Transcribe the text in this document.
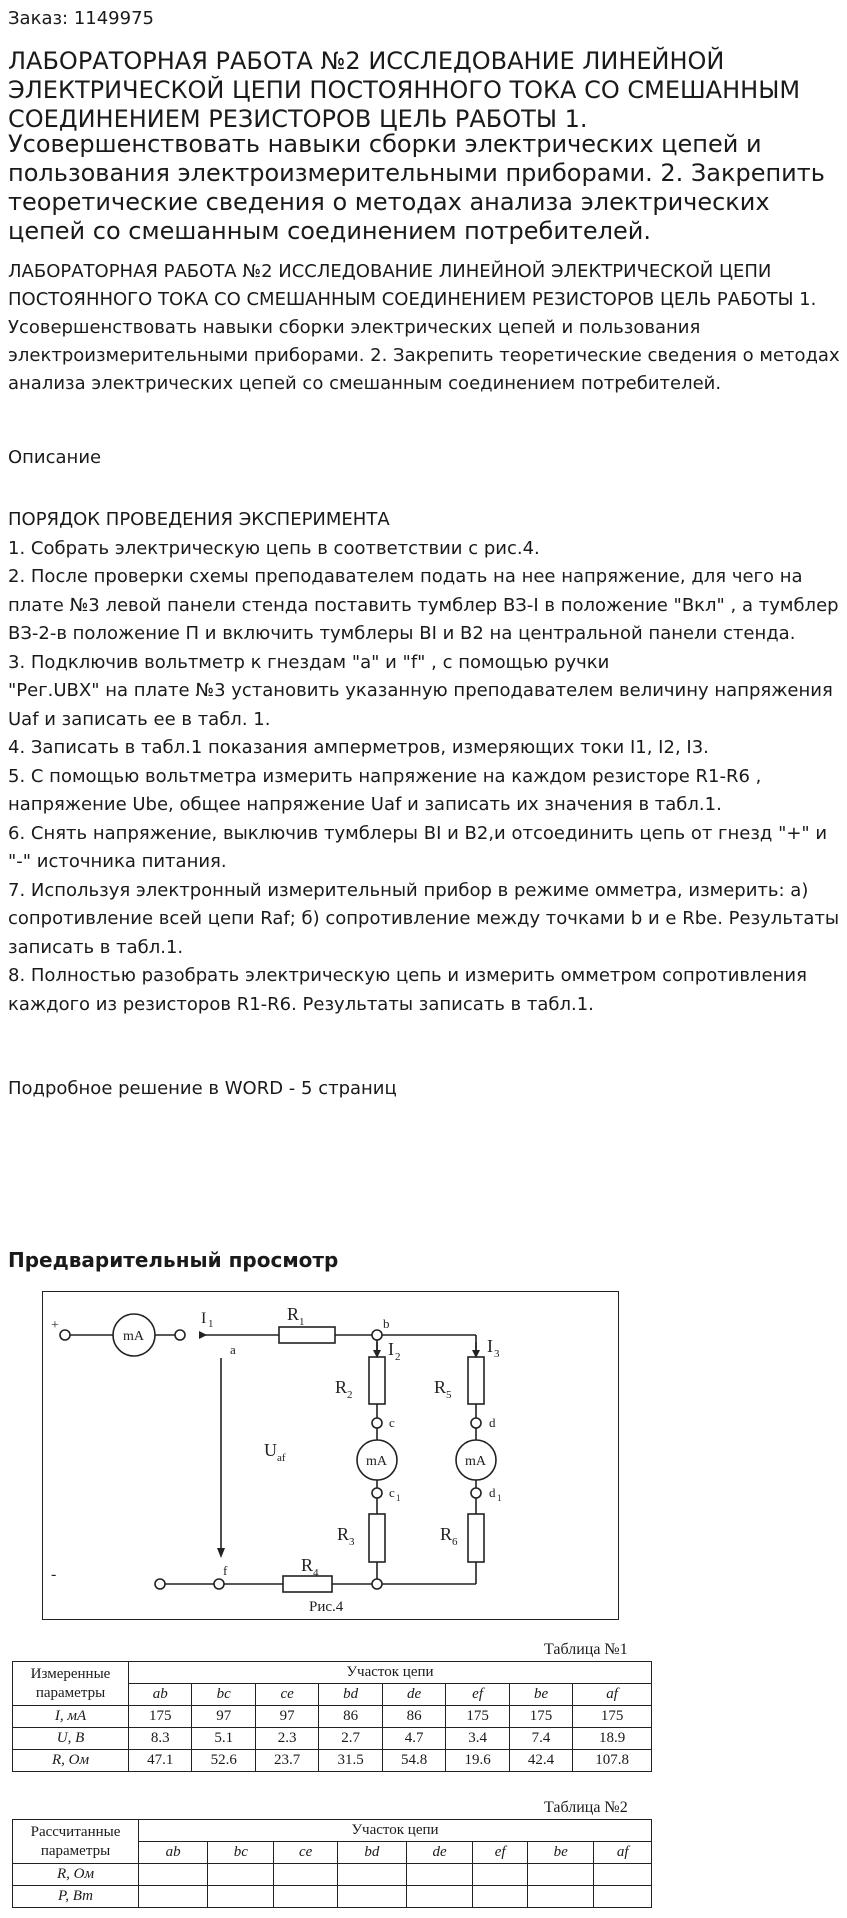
Заказ: 1149975
ЛАБОРАТОРНАЯ РАБОТА №2 ИССЛЕДОВАНИЕ ЛИНЕЙНОЙ ЭЛЕКТРИЧЕСКОЙ ЦЕПИ ПОСТОЯННОГО ТОКА СО СМЕШАННЫМ СОЕДИНЕНИЕМ РЕЗИСТОРОВ ЦЕЛЬ РАБОТЫ 1.
Усовершенствовать навыки сборки электрических цепей и пользования электроизмерительными приборами. 2. Закрепить теоретические сведения о методах анализа электрических цепей со смешанным соединением потребителей.
ЛАБОРАТОРНАЯ РАБОТА №2 ИССЛЕДОВАНИЕ ЛИНЕЙНОЙ ЭЛЕКТРИЧЕСКОЙ ЦЕПИ ПОСТОЯННОГО ТОКА СО СМЕШАННЫМ СОЕДИНЕНИЕМ РЕЗИСТОРОВ ЦЕЛЬ РАБОТЫ 1. Усовершенствовать навыки сборки электрических цепей и пользования электроизмерительными приборами. 2. Закрепить теоретические сведения о методах анализа электрических цепей со смешанным соединением потребителей.
Описание
ПОРЯДОК ПРОВЕДЕНИЯ ЭКСПЕРИМЕНТА
1. Собрать электрическую цепь в соответствии с рис.4.
2. После проверки схемы преподавателем подать на нее напряжение, для чего на плате №3 левой панели стенда поставить тумблер ВЗ-I в положение "Вкл" , а тумблер ВЗ-2-в положение П и включить тумблеры BI и В2 на центральной панели стенда.
3. Подключив вольтметр к гнездам "а" и "f" , с помощью ручки
"Рег.UBX" на плате №3 установить указанную преподавателем величину напряжения Uaf и записать ее в табл. 1.
4. Записать в табл.1 показания амперметров, измеряющих токи I1, I2, I3.
5. С помощью вольтметра измерить напряжение на каждом резисторе R1-R6 , напряжение Ube, общее напряжение Uaf и записать их значения в табл.1.
6. Снять напряжение, выключив тумблеры BI и В2,и отсоединить цепь от гнезд "+" и "-" источника питания.
7. Используя электронный измерительный прибор в режиме омметра, измерить: а) сопротивление всей цепи Raf; б) сопротивление между точками b и е Rbe. Результаты записать в табл.1.
8. Полностью разобрать электрическую цепь и измерить омметром сопротивления каждого из резисторов R1-R6. Результаты записать в табл.1.
Подробное решение в WORD - 5 страниц
Предварительный просмотр
+
-
mA
mA	mA
I 1	R 1
a
b
I 2
I 3
R 2	R 5
c	d
c 1	d 1
R 3	R 6
R 4
f
U af
Рис.4
Таблица №1
Измеренные параметры	Участок цепи							
	ab	bc	ce	bd	de	ef	be	af
I, мА	175	97	97	86	86	175	175	175
U, В	8.3	5.1	2.3	2.7	4.7	3.4	7.4	18.9
R, Ом	47.1	52.6	23.7	31.5	54.8	19.6	42.4	107.8
Таблица №2
Рассчитанные параметры	Участок цепи							
	ab	bc	ce	bd	de	ef	be	af
R, Ом								
P, Вт								
